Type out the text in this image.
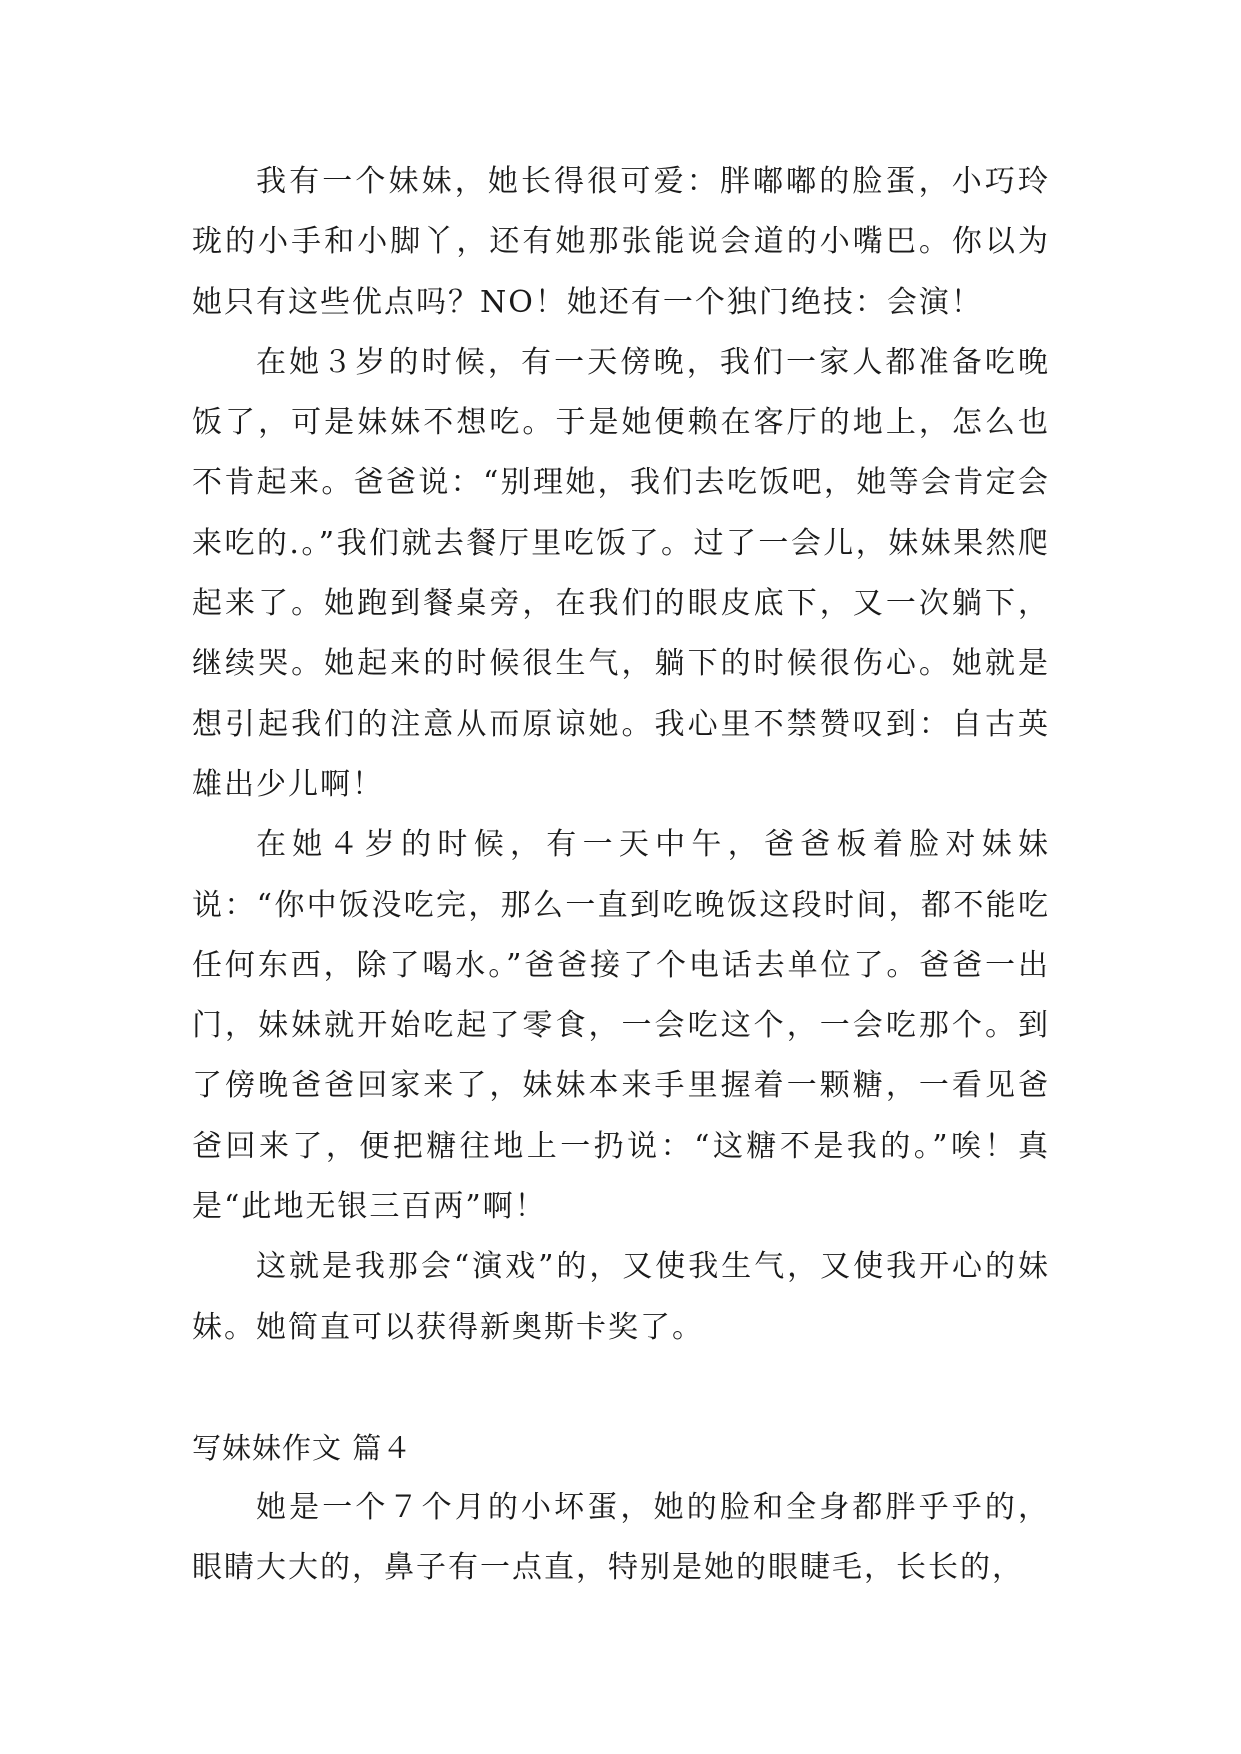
我有一个妹妹，她长得很可爱：胖嘟嘟的脸蛋，小巧玲珑的小手和小脚丫，还有她那张能说会道的小嘴巴。你以为她只有这些优点吗？NO！她还有一个独门绝技：会演！

在她３岁的时候，有一天傍晚，我们一家人都准备吃晚饭了，可是妹妹不想吃。于是她便赖在客厅的地上，怎么也不肯起来。爸爸说：“别理她，我们去吃饭吧，她等会肯定会来吃的.。”我们就去餐厅里吃饭了。过了一会儿，妹妹果然爬起来了。她跑到餐桌旁，在我们的眼皮底下，又一次躺下，继续哭。她起来的时候很生气，躺下的时候很伤心。她就是想引起我们的注意从而原谅她。我心里不禁赞叹到：自古英雄出少儿啊！

在她４岁的时候，有一天中午，爸爸板着脸对妹妹说：“你中饭没吃完，那么一直到吃晚饭这段时间，都不能吃任何东西，除了喝水。”爸爸接了个电话去单位了。爸爸一出门，妹妹就开始吃起了零食，一会吃这个，一会吃那个。到了傍晚爸爸回家来了，妹妹本来手里握着一颗糖，一看见爸爸回来了，便把糖往地上一扔说：“这糖不是我的。”唉！真是“此地无银三百两”啊！

这就是我那会“演戏”的，又使我生气，又使我开心的妹妹。她简直可以获得新奥斯卡奖了。

写妹妹作文 篇４

她是一个７个月的小坏蛋，她的脸和全身都胖乎乎的，眼睛大大的，鼻子有一点直，特别是她的眼睫毛，长长的，
